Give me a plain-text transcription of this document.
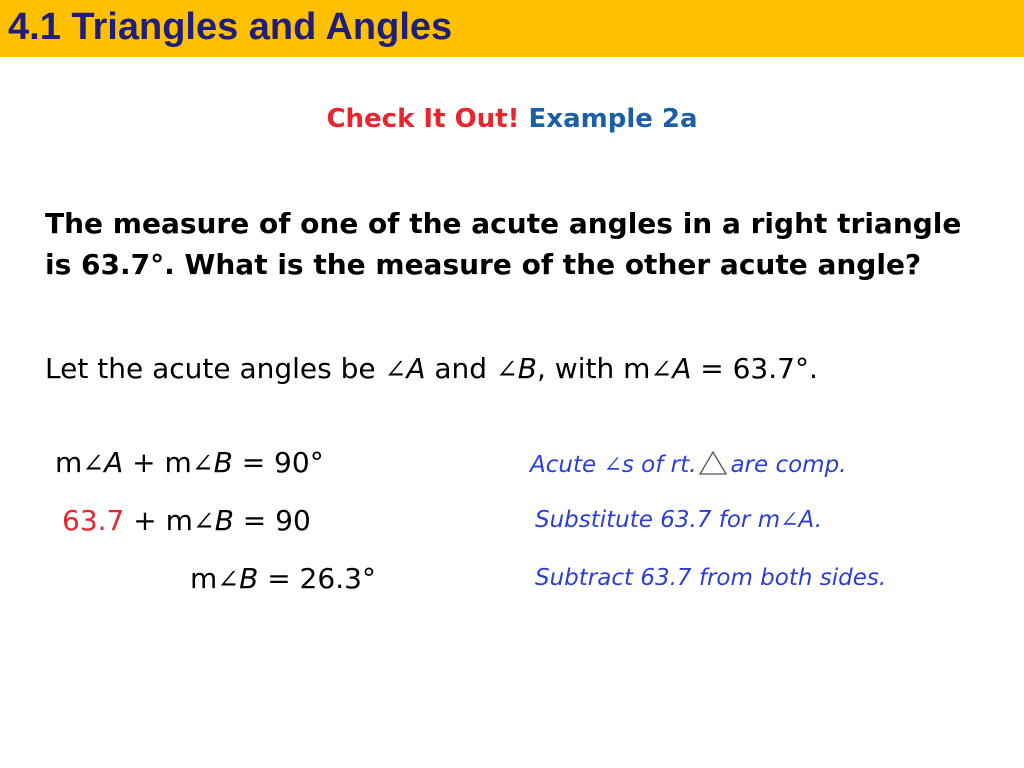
4.1 Triangles and Angles
Check It Out! Example 2a

The measure of one of the acute angles in a right triangle is 63.7°. What is the measure of the other acute angle?

Let the acute angles be ∠A and ∠B, with m∠A = 63.7°.
m∠A + m∠B = 90°
63.7 + m∠B = 90
m∠B = 26.3°
Acute ∠s of rt. are comp.
Substitute 63.7 for m∠A.
Subtract 63.7 from both sides.
